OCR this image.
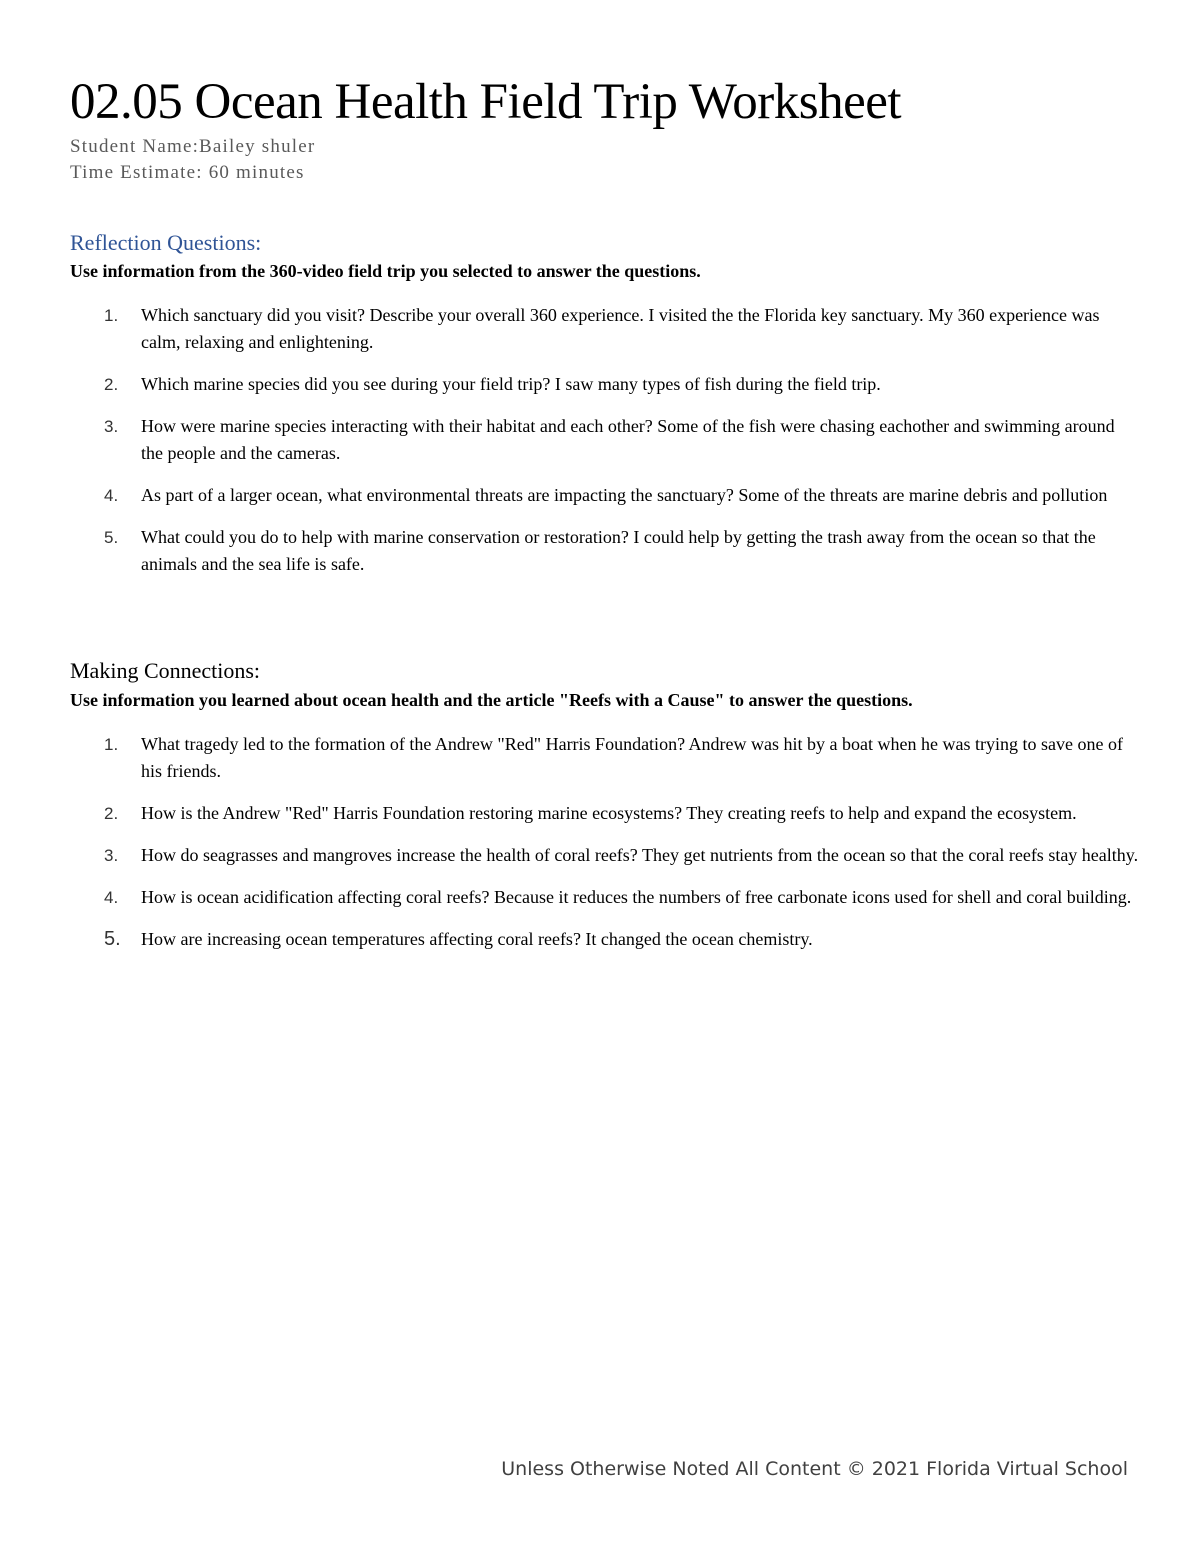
02.05 Ocean Health Field Trip Worksheet
Student Name:Bailey shuler
Time Estimate: 60 minutes
Reflection Questions:
Use information from the 360-video field trip you selected to answer the questions.
1. Which sanctuary did you visit? Describe your overall 360 experience. I visited the the Florida key sanctuary. My 360 experience was calm, relaxing and enlightening.
2. Which marine species did you see during your field trip? I saw many types of fish during the field trip.
3. How were marine species interacting with their habitat and each other? Some of the fish were chasing eachother and swimming around the people and the cameras.
4. As part of a larger ocean, what environmental threats are impacting the sanctuary? Some of the threats are marine debris and pollution
5. What could you do to help with marine conservation or restoration? I could help by getting the trash away from the ocean so that the animals and the sea life is safe.
Making Connections:
Use information you learned about ocean health and the article "Reefs with a Cause" to answer the questions.
1. What tragedy led to the formation of the Andrew "Red" Harris Foundation? Andrew was hit by a boat when he was trying to save one of his friends.
2. How is the Andrew "Red" Harris Foundation restoring marine ecosystems? They creating reefs to help and expand the ecosystem.
3. How do seagrasses and mangroves increase the health of coral reefs? They get nutrients from the ocean so that the coral reefs stay healthy.
4. How is ocean acidification affecting coral reefs? Because it reduces the numbers of free carbonate icons used for shell and coral building.
5. How are increasing ocean temperatures affecting coral reefs? It changed the ocean chemistry.
Unless Otherwise Noted All Content © 2021 Florida Virtual School
